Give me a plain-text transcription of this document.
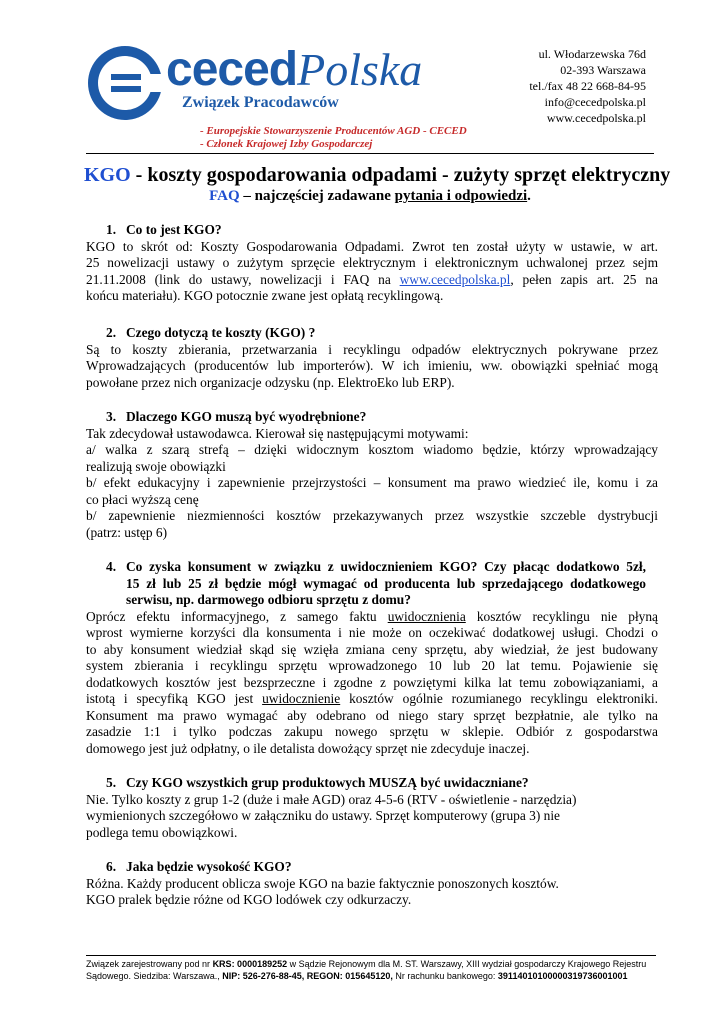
cecedPolska
Związek Pracodawców
- Europejskie Stowarzyszenie Producentów AGD - CECED
- Członek Krajowej Izby Gospodarczej
ul. Włodarzewska 76d
02-393 Warszawa
tel./fax 48 22 668-84-95
info@cecedpolska.pl
www.cecedpolska.pl
KGO - koszty gospodarowania odpadami - zużyty sprzęt elektryczny
FAQ – najczęściej zadawane pytania i odpowiedzi.
1. Co to jest KGO?
KGO to skrót od: Koszty Gospodarowania Odpadami. Zwrot ten został użyty w ustawie, w art.
25 nowelizacji ustawy o zużytym sprzęcie elektrycznym i elektronicznym uchwalonej przez sejm
21.11.2008 (link do ustawy, nowelizacji i FAQ na www.cecedpolska.pl, pełen zapis art. 25 na
końcu materiału). KGO potocznie zwane jest opłatą recyklingową.
2. Czego dotyczą te koszty (KGO) ?
Są to koszty zbierania, przetwarzania i recyklingu odpadów elektrycznych pokrywane przez
Wprowadzających (producentów lub importerów). W ich imieniu, ww. obowiązki spełniać mogą
powołane przez nich organizacje odzysku (np. ElektroEko lub ERP).
3. Dlaczego KGO muszą być wyodrębnione?
Tak zdecydował ustawodawca. Kierował się następującymi motywami:
a/ walka z szarą strefą – dzięki widocznym kosztom wiadomo będzie, którzy wprowadzający
realizują swoje obowiązki
b/ efekt edukacyjny i zapewnienie przejrzystości – konsument ma prawo wiedzieć ile, komu i za
co płaci wyższą cenę
b/ zapewnienie niezmienności kosztów przekazywanych przez wszystkie szczeble dystrybucji
(patrz: ustęp 6)
4. Co zyska konsument w związku z uwidocznieniem KGO? Czy płacąc dodatkowo 5zł,
15 zł lub 25 zł będzie mógł wymagać od producenta lub sprzedającego dodatkowego
serwisu, np. darmowego odbioru sprzętu z domu?
Oprócz efektu informacyjnego, z samego faktu uwidocznienia kosztów recyklingu nie płyną
wprost wymierne korzyści dla konsumenta i nie może on oczekiwać dodatkowej usługi. Chodzi o
to aby konsument wiedział skąd się wzięła zmiana ceny sprzętu, aby wiedział, że jest budowany
system zbierania i recyklingu sprzętu wprowadzonego 10 lub 20 lat temu. Pojawienie się
dodatkowych kosztów jest bezsprzeczne i zgodne z powziętymi kilka lat temu zobowiązaniami, a
istotą i specyfiką KGO jest uwidocznienie kosztów ogólnie rozumianego recyklingu elektroniki.
Konsument ma prawo wymagać aby odebrano od niego stary sprzęt bezpłatnie, ale tylko na
zasadzie 1:1 i tylko podczas zakupu nowego sprzętu w sklepie. Odbiór z gospodarstwa
domowego jest już odpłatny, o ile detalista dowożący sprzęt nie zdecyduje inaczej.
5. Czy KGO wszystkich grup produktowych MUSZĄ być uwidaczniane?
Nie. Tylko koszty z grup 1-2 (duże i małe AGD) oraz 4-5-6 (RTV - oświetlenie - narzędzia)
wymienionych szczegółowo w załączniku do ustawy. Sprzęt komputerowy (grupa 3) nie
podlega temu obowiązkowi.
6. Jaka będzie wysokość KGO?
Różna. Każdy producent oblicza swoje KGO na bazie faktycznie ponoszonych kosztów.
KGO pralek będzie różne od KGO lodówek czy odkurzaczy.
Związek zarejestrowany pod nr KRS: 0000189252 w Sądzie Rejonowym dla M. ST. Warszawy, XIII wydział gospodarczy Krajowego Rejestru
Sądowego. Siedziba: Warszawa., NIP: 526-276-88-45, REGON: 015645120, Nr rachunku bankowego: 39114010100000319736001001
